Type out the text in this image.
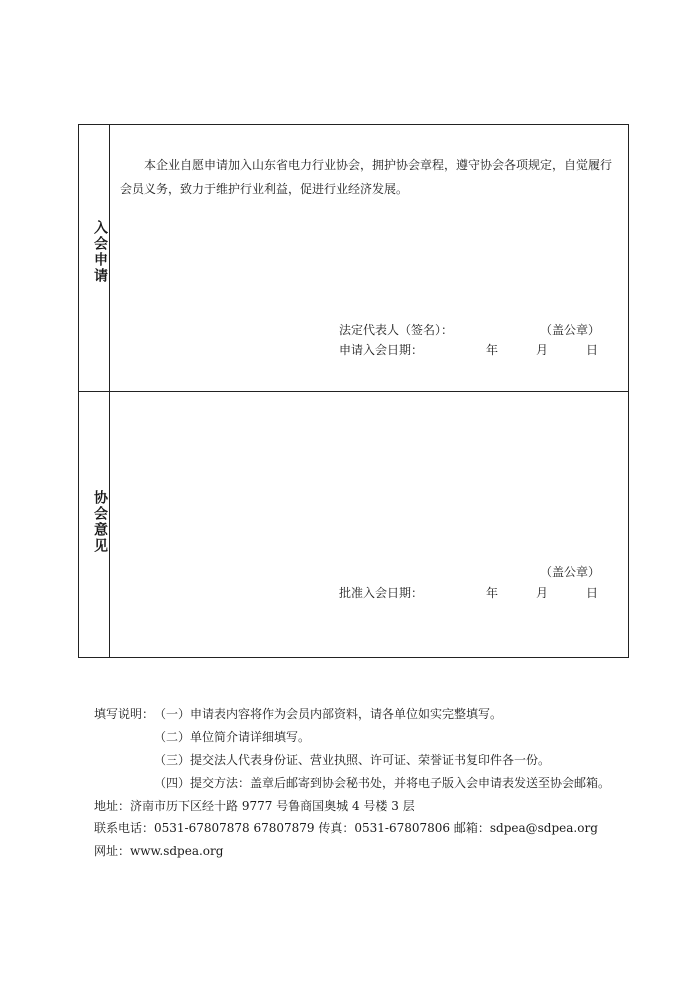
入会申请

本企业自愿申请加入山东省电力行业协会，拥护协会章程，遵守协会各项规定，自觉履行会员义务，致力于维护行业利益，促进行业经济发展。

法定代表人（签名）：	（盖公章）
申请入会日期：	年	月	日
协会意见
（盖公章）
批准入会日期：	年	月	日
填写说明： （一）申请表内容将作为会员内部资料，请各单位如实完整填写。
（二）单位简介请详细填写。
（三）提交法人代表身份证、营业执照、许可证、荣誉证书复印件各一份。
（四）提交方法：盖章后邮寄到协会秘书处，并将电子版入会申请表发送至协会邮箱。
地址：济南市历下区经十路 9777 号鲁商国奥城 4 号楼 3 层
联系电话：0531-67807878 67807879 传真：0531-67807806 邮箱：sdpea@sdpea.org
网址：www.sdpea.org
